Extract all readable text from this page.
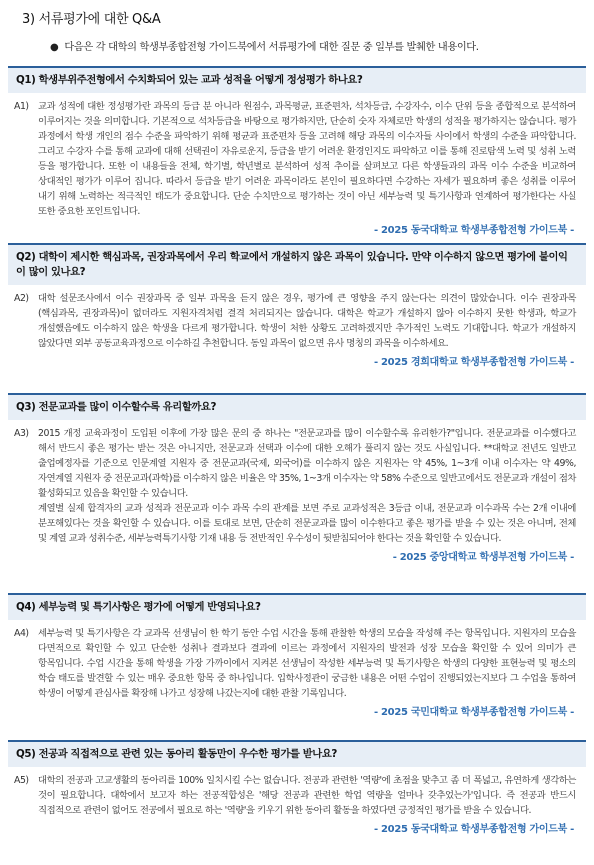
3) 서류평가에 대한 Q&A
● 다음은 각 대학의 학생부종합전형 가이드북에서 서류평가에 대한 질문 중 일부를 발췌한 내용이다.
Q1) 학생부위주전형에서 수치화되어 있는 교과 성적을 어떻게 정성평가 하나요?
A1) 교과 성적에 대한 정성평가란 과목의 등급 분 아니라 원점수, 과목평균, 표준편차, 석차등급, 수강자수, 이수 단위 등을 종합적으로 분석하여 이루어지는 것을 의미합니다. 기본적으로 석차등급을 바탕으로 평가하지만, 단순히 숫자 자체로만 학생의 성적을 평가하지는 않습니다. 평가 과정에서 학생 개인의 점수 수준을 파악하기 위해 평균과 표준편차 등을 고려해 해당 과목의 이수자들 사이에서 학생의 수준을 파악합니다. 그리고 수강자 수를 통해 교과에 대해 선택권이 자유로운지, 등급을 받기 어려운 환경인지도 파악하고 이를 통해 진로탐색 노력 및 성취 노력 등을 평가합니다. 또한 이 내용들을 전체, 학기별, 학년별로 분석하여 성적 추이를 살펴보고 다른 학생들과의 과목 이수 수준을 비교하여 상대적인 평가가 이루어 집니다. 따라서 등급을 받기 어려운 과목이라도 본인이 필요하다면 수강하는 자세가 필요하며 좋은 성취를 이루어 내기 위해 노력하는 적극적인 태도가 중요합니다. 단순 수치만으로 평가하는 것이 아닌 세부능력 및 특기사항과 연계하여 평가한다는 사실 또한 중요한 포인트입니다.

- 2025 동국대학교 학생부종합전형 가이드북 -
Q2) 대학이 제시한 핵심과목, 권장과목에서 우리 학교에서 개설하지 않은 과목이 있습니다. 만약 이수하지 않으면 평가에 불이익이 많이 있나요?
A2) 대학 설문조사에서 이수 권장과목 중 일부 과목을 듣지 않은 경우, 평가에 큰 영향을 주지 않는다는 의견이 많았습니다. 이수 권장과목(핵심과목, 권장과목)이 없더라도 지원자격처럼 결격 처리되지는 않습니다. 대학은 학교가 개설하지 않아 이수하지 못한 학생과, 학교가 개설했음에도 이수하지 않은 학생을 다르게 평가합니다. 학생이 처한 상황도 고려하겠지만 추가적인 노력도 기대합니다. 학교가 개설하지 않았다면 외부 공동교육과정으로 이수하길 추천합니다. 동일 과목이 없으면 유사 명칭의 과목을 이수하세요.

- 2025 경희대학교 학생부종합전형 가이드북 -
Q3) 전문교과를 많이 이수할수록 유리할까요?
A3) 2015 개정 교육과정이 도입된 이후에 가장 많은 문의 중 하나는 "전문교과를 많이 이수할수록 유리한가?"입니다. 전문교과를 이수했다고 해서 반드시 좋은 평가는 받는 것은 아니지만, 전문교과 선택과 이수에 대한 오해가 풀리지 않는 것도 사실입니다. **대학교 전년도 일반고 출업예정자를 기준으로 인문계열 지원자 중 전문교과(국제, 외국어)를 이수하지 않은 지원자는 약 45%, 1~3개 이내 이수자는 약 49%, 자연계열 지원자 중 전문교과(과학)를 이수하지 않은 비율은 약 35%, 1~3개 이수자는 약 58% 수준으로 일반고에서도 전문교과 개설이 점차 활성화되고 있음을 확인할 수 있습니다.

계열별 실제 합격자의 교과 성적과 전문교과 이수 과목 수의 관계를 보면 주로 교과성적은 3등급 이내, 전문교과 이수과목 수는 2개 이내에 분포해있다는 것을 확인할 수 있습니다. 이를 토대로 보면, 단순히 전문교과를 많이 이수한다고 좋은 평가를 받을 수 있는 것은 아니며, 전체 및 계열 교과 성취수준, 세부능력특기사항 기재 내용 등 전반적인 우수성이 뒷받침되어야 한다는 것을 확인할 수 있습니다.

- 2025 중앙대학교 학생부전형 가이드북 -
Q4) 세부능력 및 특기사항은 평가에 어떻게 반영되나요?
A4) 세부능력 및 특기사항은 각 교과목 선생님이 한 학기 동안 수업 시간을 통해 관찰한 학생의 모습을 작성해 주는 항목입니다. 지원자의 모습을 다면적으로 확인할 수 있고 단순한 성취나 결과보다 결과에 이르는 과정에서 지원자의 발전과 성장 모습을 확인할 수 있어 의미가 큰 항목입니다. 수업 시간을 통해 학생을 가장 가까이에서 지켜본 선생님이 작성한 세부능력 및 특기사항은 학생의 다양한 표현능력 및 평소의 학습 태도를 발견할 수 있는 매우 중요한 항목 중 하나입니다. 입학사정관이 궁금한 내용은 어떤 수업이 진행되었는지보다 그 수업을 통하여 학생이 어떻게 관심사를 확장해 나가고 성장해 나갔는지에 대한 관찰 기록입니다.

- 2025 국민대학교 학생부종합전형 가이드북 -
Q5) 전공과 직접적으로 관련 있는 동아리 활동만이 우수한 평가를 받나요?
A5) 대학의 전공과 고교생활의 동아리를 100% 일치시킬 수는 없습니다. 전공과 관련한 '역량'에 초점을 맞추고 좀 더 폭넓고, 유연하게 생각하는 것이 필요합니다. 대학에서 보고자 하는 전공적합성은 '해당 전공과 관련한 학업 역량을 얼마나 갖추었는가'입니다. 즉 전공과 반드시 직접적으로 관련이 없어도 전공에서 필요로 하는 '역량'을 키우기 위한 동아리 활동을 하였다면 긍정적인 평가를 받을 수 있습니다.

- 2025 동국대학교 학생부종합전형 가이드북 -
